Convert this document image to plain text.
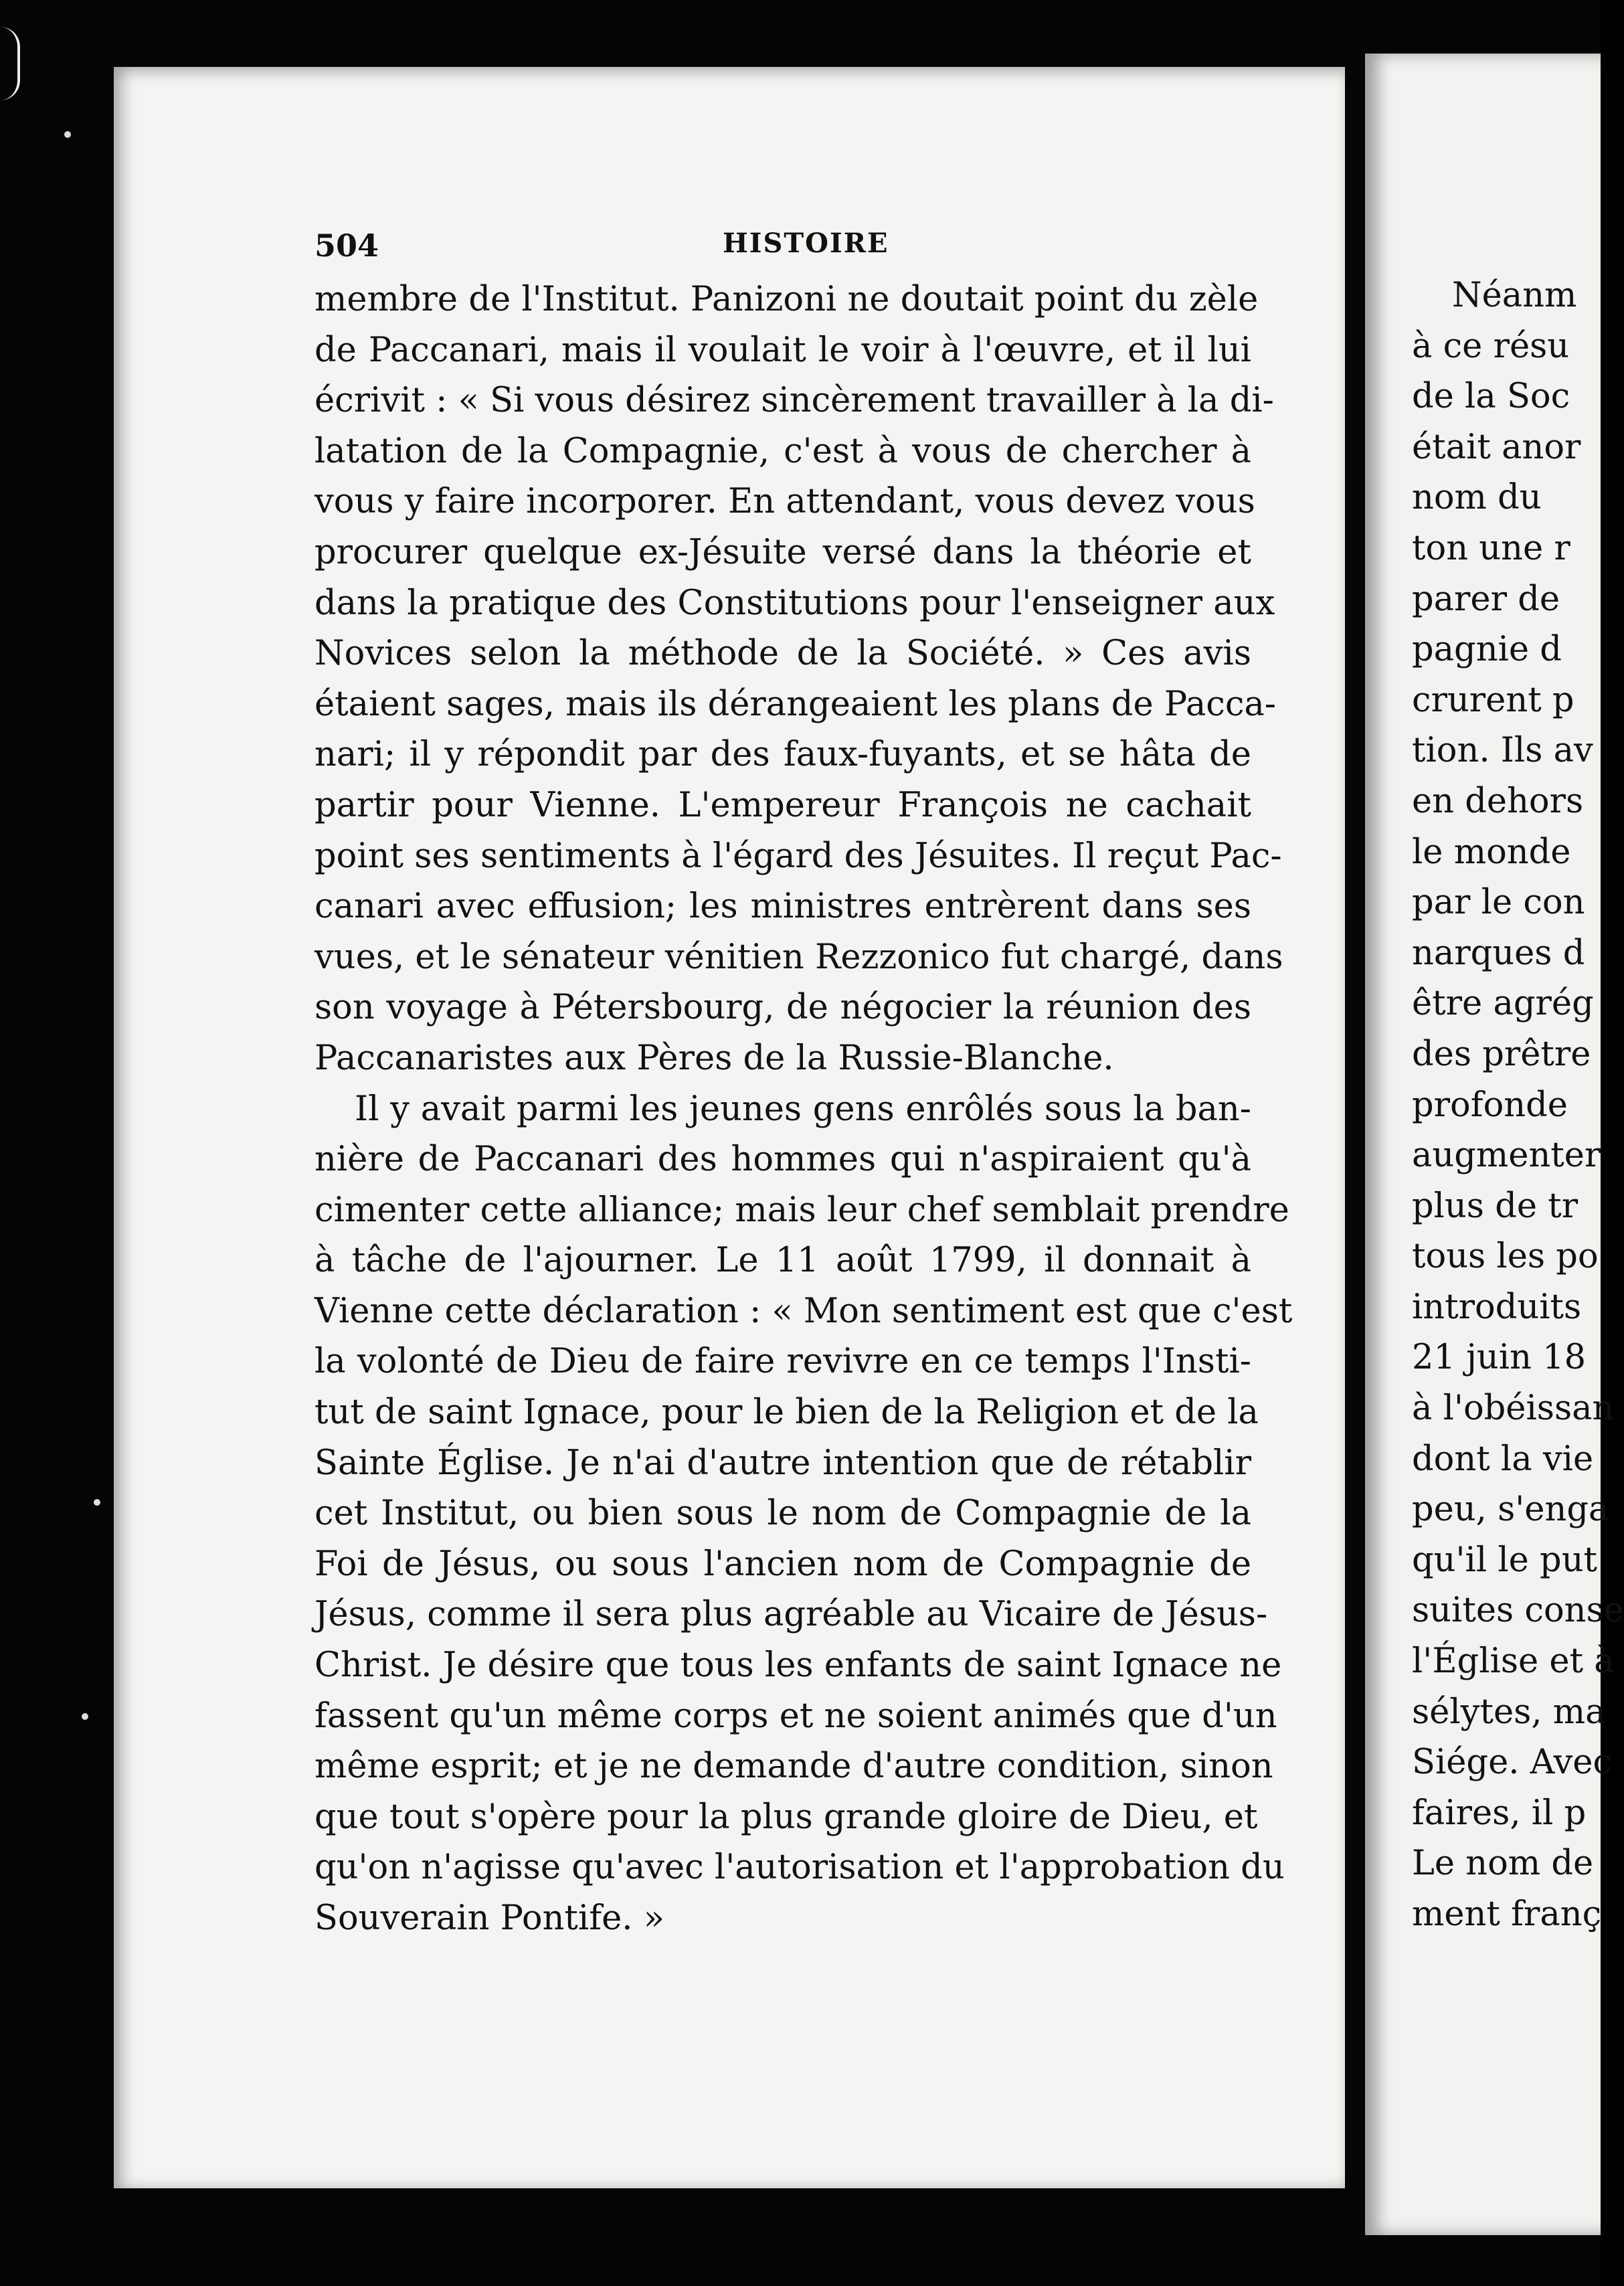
504	HISTOIRE
membre de l'Institut. Panizoni ne doutait point du zèle
de Paccanari, mais il voulait le voir à l'œuvre, et il lui
écrivit : « Si vous désirez sincèrement travailler à la di-
latation de la Compagnie, c'est à vous de chercher à
vous y faire incorporer. En attendant, vous devez vous
procurer quelque ex-Jésuite versé dans la théorie et
dans la pratique des Constitutions pour l'enseigner aux
Novices selon la méthode de la Société. » Ces avis
étaient sages, mais ils dérangeaient les plans de Pacca-
nari; il y répondit par des faux-fuyants, et se hâta de
partir pour Vienne. L'empereur François ne cachait
point ses sentiments à l'égard des Jésuites. Il reçut Pac-
canari avec effusion; les ministres entrèrent dans ses
vues, et le sénateur vénitien Rezzonico fut chargé, dans
son voyage à Pétersbourg, de négocier la réunion des
Paccanaristes aux Pères de la Russie-Blanche.
Il y avait parmi les jeunes gens enrôlés sous la ban-
nière de Paccanari des hommes qui n'aspiraient qu'à
cimenter cette alliance; mais leur chef semblait prendre
à tâche de l'ajourner. Le 11 août 1799, il donnait à
Vienne cette déclaration : « Mon sentiment est que c'est
la volonté de Dieu de faire revivre en ce temps l'Insti-
tut de saint Ignace, pour le bien de la Religion et de la
Sainte Église. Je n'ai d'autre intention que de rétablir
cet Institut, ou bien sous le nom de Compagnie de la
Foi de Jésus, ou sous l'ancien nom de Compagnie de
Jésus, comme il sera plus agréable au Vicaire de Jésus-
Christ. Je désire que tous les enfants de saint Ignace ne
fassent qu'un même corps et ne soient animés que d'un
même esprit; et je ne demande d'autre condition, sinon
que tout s'opère pour la plus grande gloire de Dieu, et
qu'on n'agisse qu'avec l'autorisation et l'approbation du
Souverain Pontife. »
Néanm
à ce résu
de la Soc
était anor
nom du
ton une r
parer de
pagnie d
crurent p
tion. Ils av
en dehors
le monde
par le con
narques d
être agrég
des prêtre
profonde
augmenter
plus de tr
tous les po
introduits
21 juin 18
à l'obéissan
dont la vie
peu, s'enga
qu'il le put
suites conse
l'Église et à
sélytes, ma
Siége. Avec
faires, il p
Le nom de
ment franç
